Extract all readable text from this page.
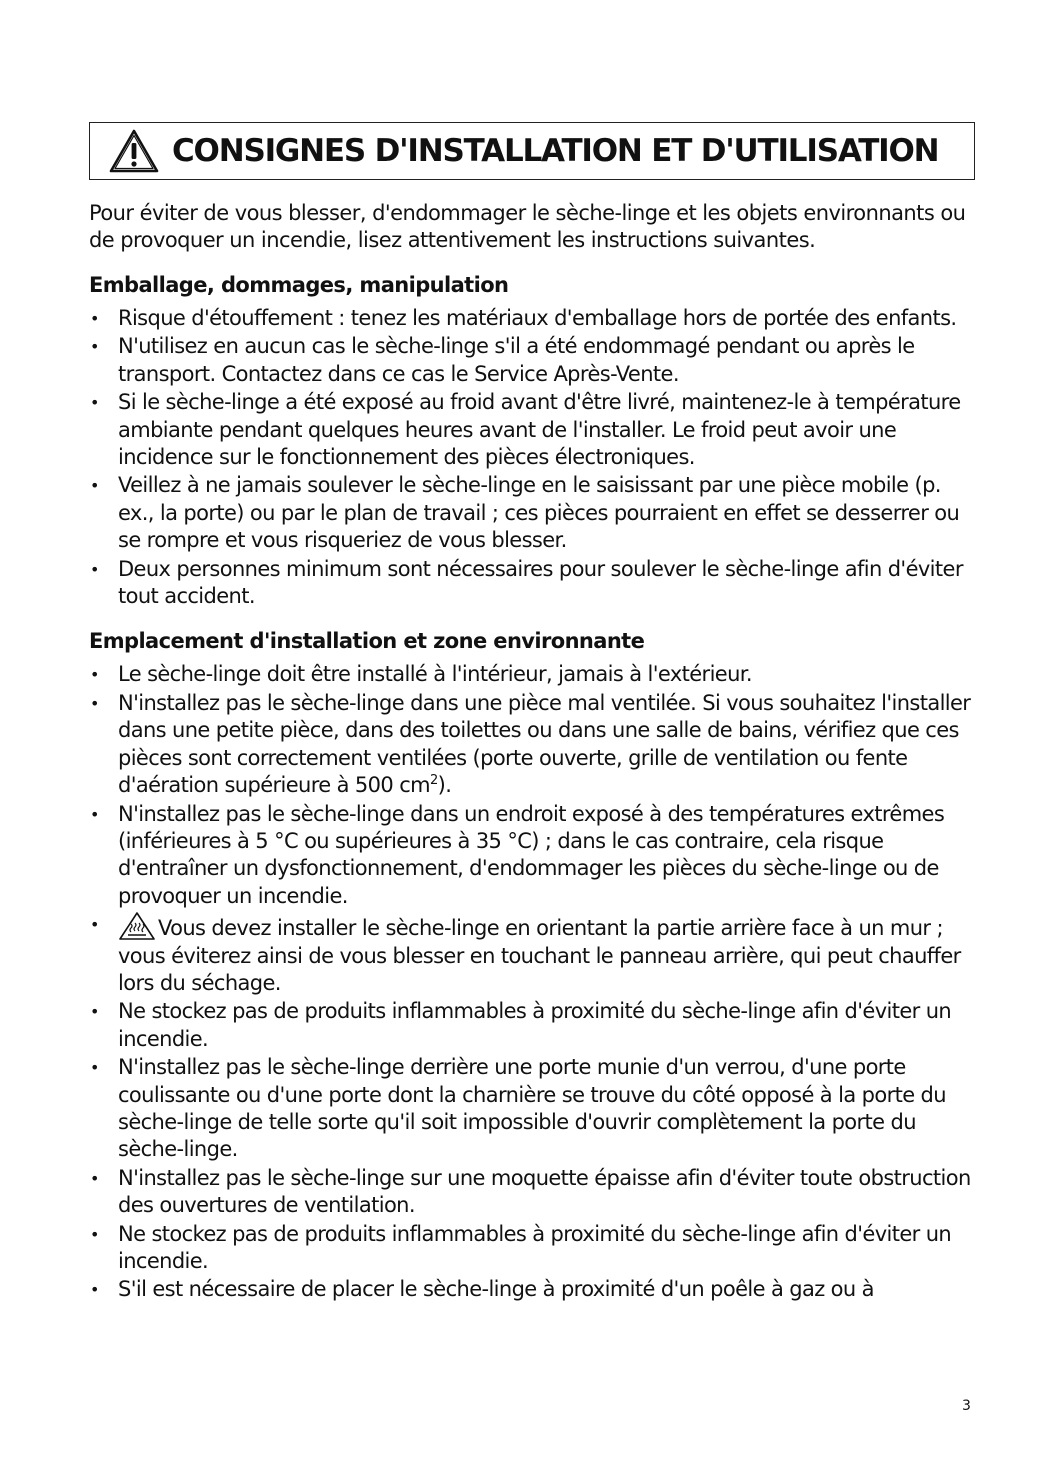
CONSIGNES D'INSTALLATION ET D'UTILISATION

Pour éviter de vous blesser, d'endommager le sèche-linge et les objets environnants ou de provoquer un incendie, lisez attentivement les instructions suivantes.

Emballage, dommages, manipulation
• Risque d'étouffement : tenez les matériaux d'emballage hors de portée des enfants.
• N'utilisez en aucun cas le sèche-linge s'il a été endommagé pendant ou après le transport. Contactez dans ce cas le Service Après-Vente.
• Si le sèche-linge a été exposé au froid avant d'être livré, maintenez-le à température ambiante pendant quelques heures avant de l'installer. Le froid peut avoir une incidence sur le fonctionnement des pièces électroniques.
• Veillez à ne jamais soulever le sèche-linge en le saisissant par une pièce mobile (p. ex., la porte) ou par le plan de travail ; ces pièces pourraient en effet se desserrer ou se rompre et vous risqueriez de vous blesser.
• Deux personnes minimum sont nécessaires pour soulever le sèche-linge afin d'éviter tout accident.
Emplacement d'installation et zone environnante
• Le sèche-linge doit être installé à l'intérieur, jamais à l'extérieur.
• N'installez pas le sèche-linge dans une pièce mal ventilée. Si vous souhaitez l'installer dans une petite pièce, dans des toilettes ou dans une salle de bains, vérifiez que ces pièces sont correctement ventilées (porte ouverte, grille de ventilation ou fente d'aération supérieure à 500 $cm^2$).
• N'installez pas le sèche-linge dans un endroit exposé à des températures extrêmes (inférieures à 5 °C ou supérieures à 35 °C) ; dans le cas contraire, cela risque d'entraîner un dysfonctionnement, d'endommager les pièces du sèche-linge ou de provoquer un incendie.
•	Vous devez installer le sèche-linge en orientant la partie arrière face à un mur ; vous éviterez ainsi de vous blesser en touchant le panneau arrière, qui peut chauffer lors du séchage.
• Ne stockez pas de produits inflammables à proximité du sèche-linge afin d'éviter un incendie.
• N'installez pas le sèche-linge derrière une porte munie d'un verrou, d'une porte coulissante ou d'une porte dont la charnière se trouve du côté opposé à la porte du sèche-linge de telle sorte qu'il soit impossible d'ouvrir complètement la porte du sèche-linge.
• N'installez pas le sèche-linge sur une moquette épaisse afin d'éviter toute obstruction des ouvertures de ventilation.
• Ne stockez pas de produits inflammables à proximité du sèche-linge afin d'éviter un incendie.
• S'il est nécessaire de placer le sèche-linge à proximité d'un poêle à gaz ou à
3
